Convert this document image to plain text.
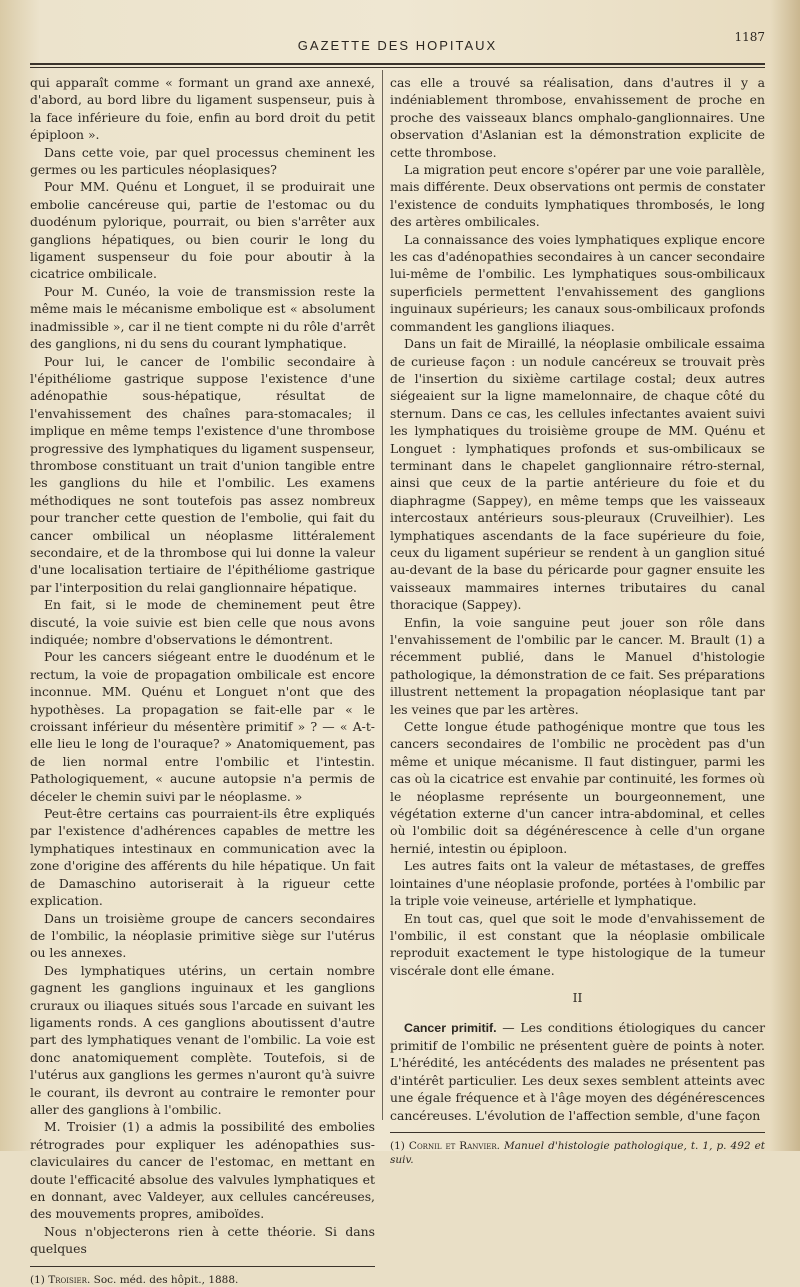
GAZETTE DES HOPITAUX
1187

qui apparaît comme « formant un grand axe annexé, d'abord, au bord libre du ligament suspenseur, puis à la face inférieure du foie, enfin au bord droit du petit épiploon ».

Dans cette voie, par quel processus cheminent les germes ou les particules néoplasiques?

Pour MM. Quénu et Longuet, il se produirait une embolie cancéreuse qui, partie de l'estomac ou du duodénum pylorique, pourrait, ou bien s'arrêter aux ganglions hépatiques, ou bien courir le long du ligament suspenseur du foie pour aboutir à la cicatrice ombilicale.

Pour M. Cunéo, la voie de transmission reste la même mais le mécanisme embolique est « absolument inadmissible », car il ne tient compte ni du rôle d'arrêt des ganglions, ni du sens du courant lymphatique.

Pour lui, le cancer de l'ombilic secondaire à l'épithéliome gastrique suppose l'existence d'une adénopathie sous-hépatique, résultat de l'envahissement des chaînes para-stomacales; il implique en même temps l'existence d'une thrombose progressive des lymphatiques du ligament suspenseur, thrombose constituant un trait d'union tangible entre les ganglions du hile et l'ombilic. Les examens méthodiques ne sont toutefois pas assez nombreux pour trancher cette question de l'embolie, qui fait du cancer ombilical un néoplasme littéralement secondaire, et de la thrombose qui lui donne la valeur d'une localisation tertiaire de l'épithéliome gastrique par l'interposition du relai ganglionnaire hépatique.

En fait, si le mode de cheminement peut être discuté, la voie suivie est bien celle que nous avons indiquée; nombre d'observations le démontrent.

Pour les cancers siégeant entre le duodénum et le rectum, la voie de propagation ombilicale est encore inconnue. MM. Quénu et Longuet n'ont que des hypothèses. La propagation se fait-elle par « le croissant inférieur du mésentère primitif » ? — « A-t-elle lieu le long de l'ouraque? » Anatomiquement, pas de lien normal entre l'ombilic et l'intestin. Pathologiquement, « aucune autopsie n'a permis de déceler le chemin suivi par le néoplasme. »

Peut-être certains cas pourraient-ils être expliqués par l'existence d'adhérences capables de mettre les lymphatiques intestinaux en communication avec la zone d'origine des afférents du hile hépatique. Un fait de Damaschino autoriserait à la rigueur cette explication.

Dans un troisième groupe de cancers secondaires de l'ombilic, la néoplasie primitive siège sur l'utérus ou les annexes.

Des lymphatiques utérins, un certain nombre gagnent les ganglions inguinaux et les ganglions cruraux ou iliaques situés sous l'arcade en suivant les ligaments ronds. A ces ganglions aboutissent d'autre part des lymphatiques venant de l'ombilic. La voie est donc anatomiquement complète. Toutefois, si de l'utérus aux ganglions les germes n'auront qu'à suivre le courant, ils devront au contraire le remonter pour aller des ganglions à l'ombilic.

M. Troisier (1) a admis la possibilité des embolies rétrogrades pour expliquer les adénopathies sus-claviculaires du cancer de l'estomac, en mettant en doute l'efficacité absolue des valvules lymphatiques et en donnant, avec Valdeyer, aux cellules cancéreuses, des mouvements propres, amiboïdes.

Nous n'objecterons rien à cette théorie. Si dans quelques

(1) Troisier. Soc. méd. des hôpit., 1888.

cas elle a trouvé sa réalisation, dans d'autres il y a indéniablement thrombose, envahissement de proche en proche des vaisseaux blancs omphalo-ganglionnaires. Une observation d'Aslanian est la démonstration explicite de cette thrombose.

La migration peut encore s'opérer par une voie parallèle, mais différente. Deux observations ont permis de constater l'existence de conduits lymphatiques thrombosés, le long des artères ombilicales.

La connaissance des voies lymphatiques explique encore les cas d'adénopathies secondaires à un cancer secondaire lui-même de l'ombilic. Les lymphatiques sous-ombilicaux superficiels permettent l'envahissement des ganglions inguinaux supérieurs; les canaux sous-ombilicaux profonds commandent les ganglions iliaques.

Dans un fait de Miraillé, la néoplasie ombilicale essaima de curieuse façon : un nodule cancéreux se trouvait près de l'insertion du sixième cartilage costal; deux autres siégeaient sur la ligne mamelonnaire, de chaque côté du sternum. Dans ce cas, les cellules infectantes avaient suivi les lymphatiques du troisième groupe de MM. Quénu et Longuet : lymphatiques profonds et sus-ombilicaux se terminant dans le chapelet ganglionnaire rétro-sternal, ainsi que ceux de la partie antérieure du foie et du diaphragme (Sappey), en même temps que les vaisseaux intercostaux antérieurs sous-pleuraux (Cruveilhier). Les lymphatiques ascendants de la face supérieure du foie, ceux du ligament supérieur se rendent à un ganglion situé au-devant de la base du péricarde pour gagner ensuite les vaisseaux mammaires internes tributaires du canal thoracique (Sappey).

Enfin, la voie sanguine peut jouer son rôle dans l'envahissement de l'ombilic par le cancer. M. Brault (1) a récemment publié, dans le Manuel d'histologie pathologique, la démonstration de ce fait. Ses préparations illustrent nettement la propagation néoplasique tant par les veines que par les artères.

Cette longue étude pathogénique montre que tous les cancers secondaires de l'ombilic ne procèdent pas d'un même et unique mécanisme. Il faut distinguer, parmi les cas où la cicatrice est envahie par continuité, les formes où le néoplasme représente un bourgeonnement, une végétation externe d'un cancer intra-abdominal, et celles où l'ombilic doit sa dégénérescence à celle d'un organe hernié, intestin ou épiploon.

Les autres faits ont la valeur de métastases, de greffes lointaines d'une néoplasie profonde, portées à l'ombilic par la triple voie veineuse, artérielle et lymphatique.

En tout cas, quel que soit le mode d'envahissement de l'ombilic, il est constant que la néoplasie ombilicale reproduit exactement le type histologique de la tumeur viscérale dont elle émane.

II

Cancer primitif. — Les conditions étiologiques du cancer primitif de l'ombilic ne présentent guère de points à noter. L'hérédité, les antécédents des malades ne présentent pas d'intérêt particulier. Les deux sexes semblent atteints avec une égale fréquence et à l'âge moyen des dégénérescences cancéreuses. L'évolution de l'affection semble, d'une façon

(1) Cornil et Ranvier. Manuel d'histologie pathologique, t. 1, p. 492 et suiv.
